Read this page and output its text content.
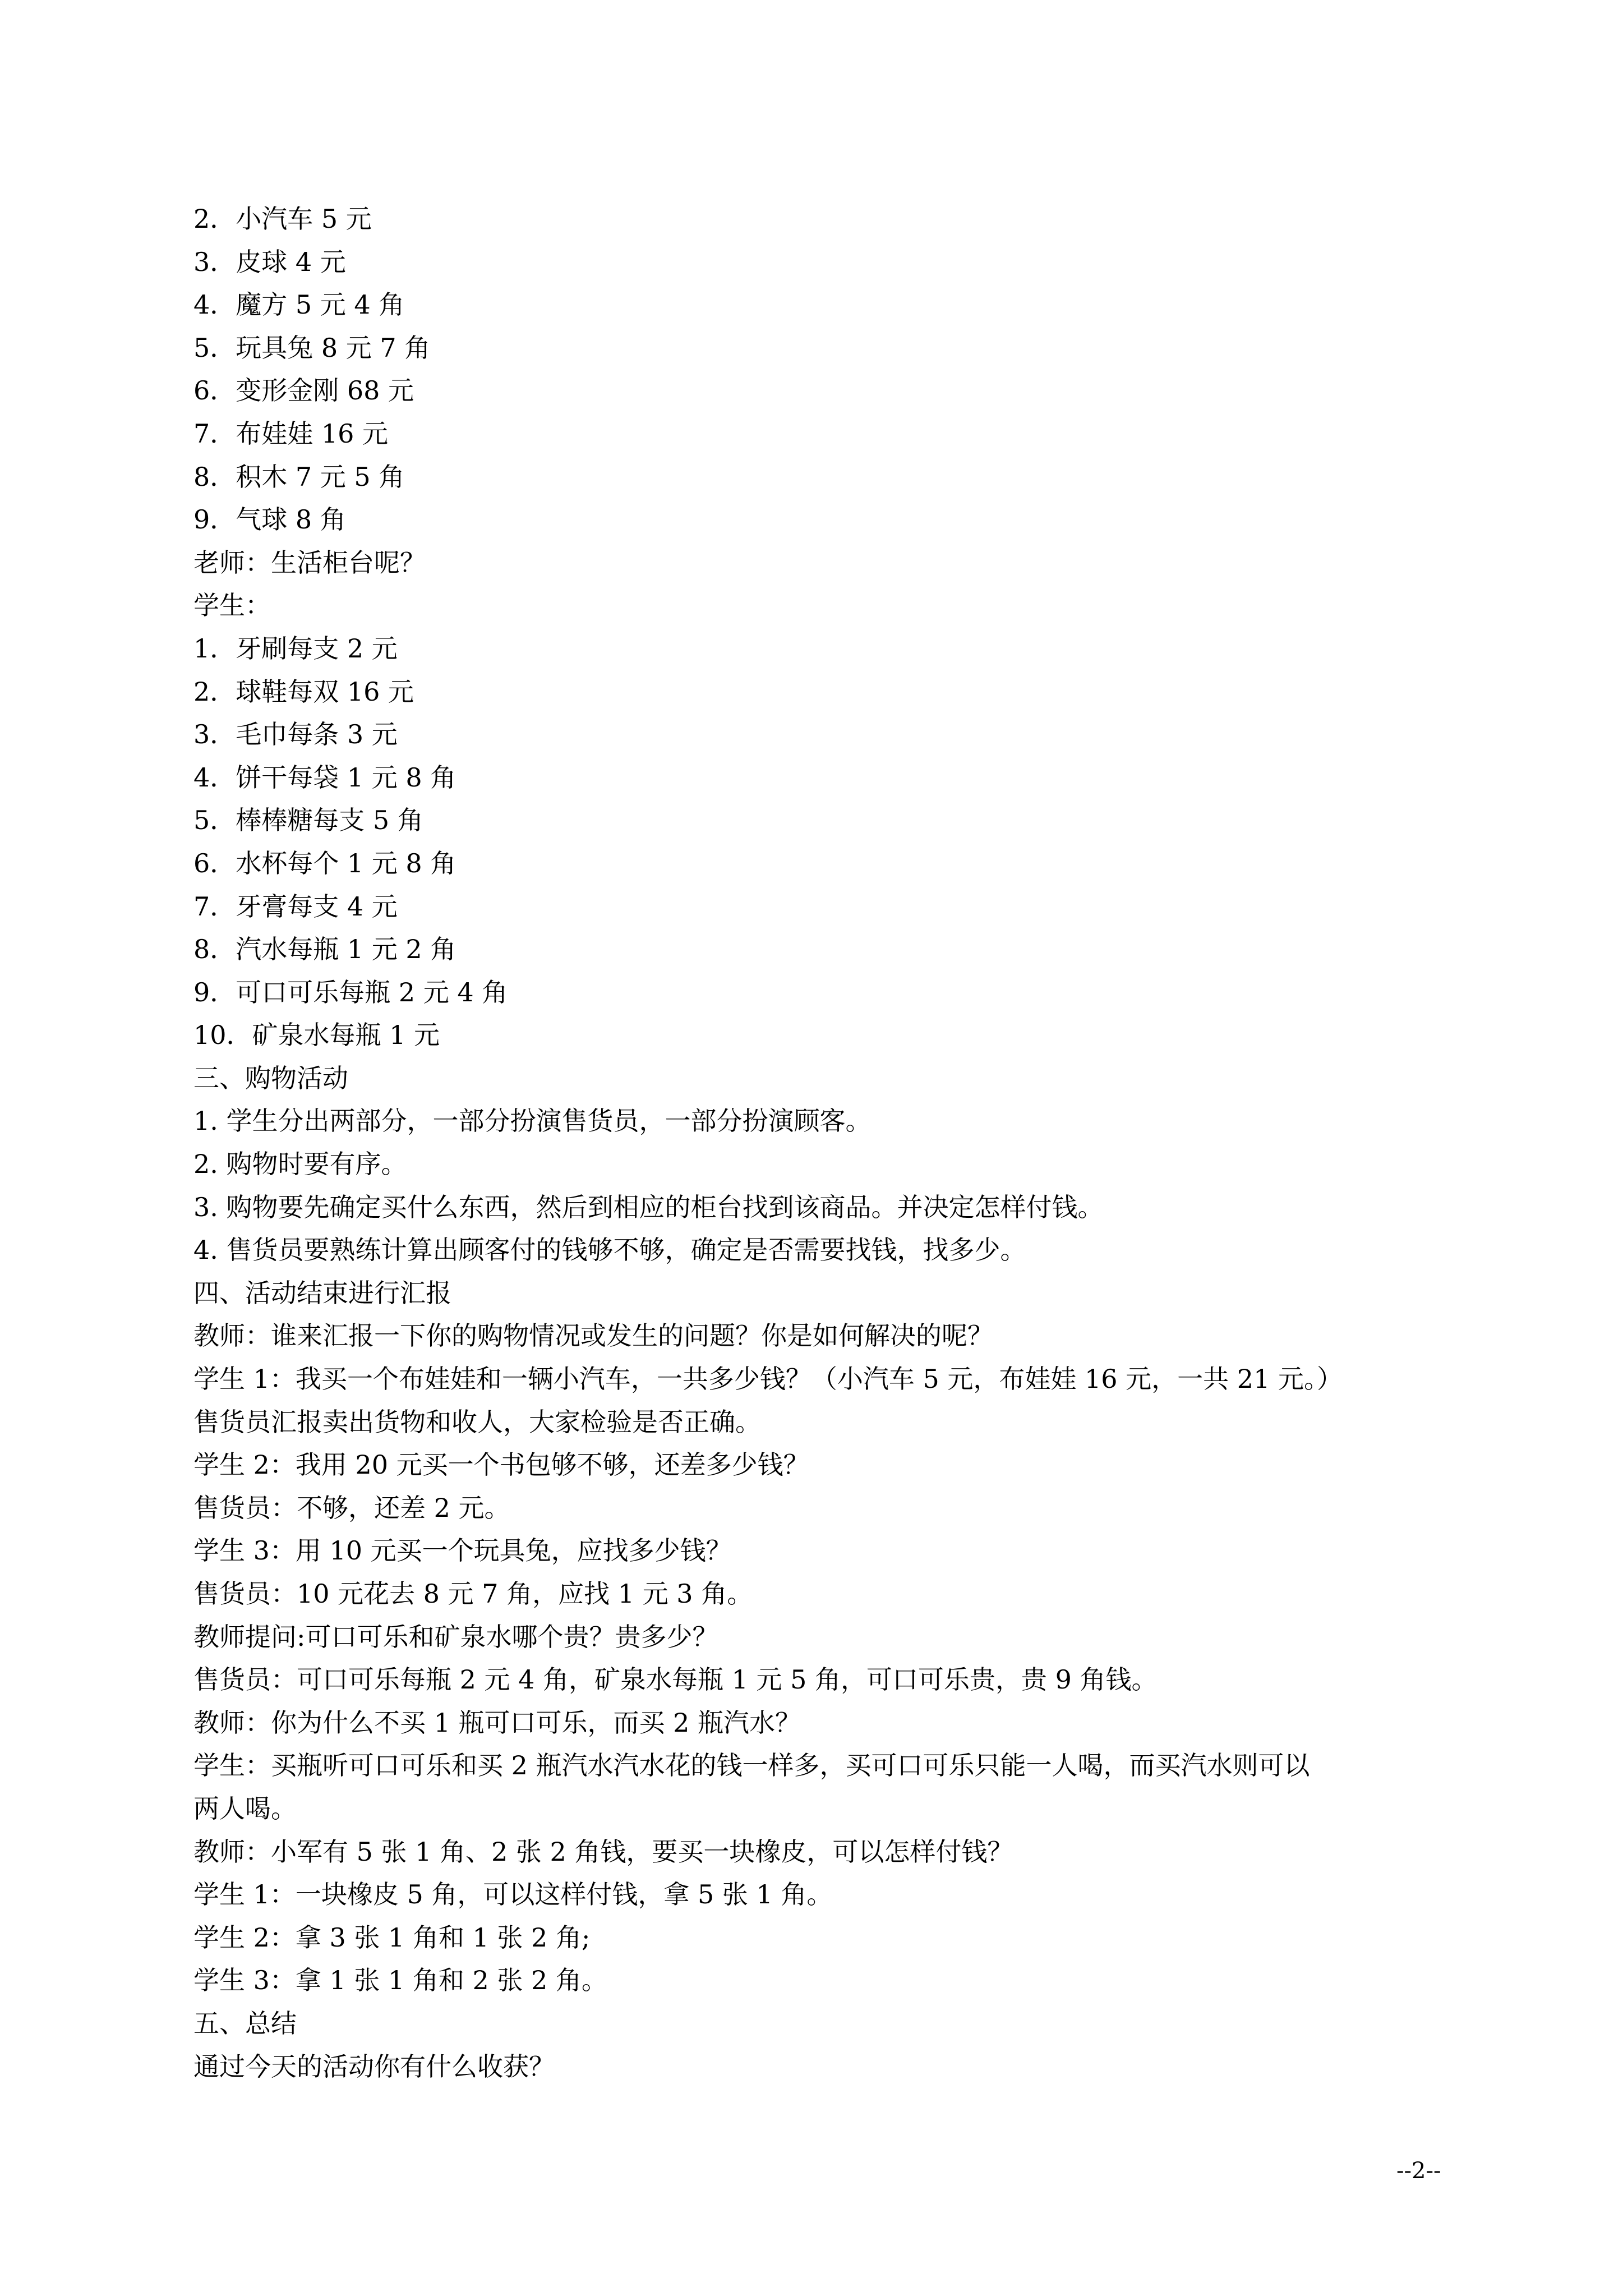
2．小汽车 5 元

3．皮球 4 元

4．魔方 5 元 4 角

5．玩具兔 8 元 7 角

6．变形金刚 68 元

7．布娃娃 16 元

8．积木 7 元 5 角

9．气球 8 角

老师：生活柜台呢？

学生：

1．牙刷每支 2 元

2．球鞋每双 16 元

3．毛巾每条 3 元

4．饼干每袋 1 元 8 角

5．棒棒糖每支 5 角

6．水杯每个 1 元 8 角

7．牙膏每支 4 元

8．汽水每瓶 1 元 2 角

9．可口可乐每瓶 2 元 4 角

10．矿泉水每瓶 1 元

三、购物活动

1. 学生分出两部分，一部分扮演售货员，一部分扮演顾客。

2. 购物时要有序。

3. 购物要先确定买什么东西，然后到相应的柜台找到该商品。并决定怎样付钱。

4. 售货员要熟练计算出顾客付的钱够不够，确定是否需要找钱，找多少。

四、活动结束进行汇报

教师：谁来汇报一下你的购物情况或发生的问题？你是如何解决的呢？

学生 1：我买一个布娃娃和一辆小汽车，一共多少钱？（小汽车 5 元，布娃娃 16 元，一共 21 元。）

售货员汇报卖出货物和收人，大家检验是否正确。

学生 2：我用 20 元买一个书包够不够，还差多少钱？

售货员：不够，还差 2 元。

学生 3：用 10 元买一个玩具兔，应找多少钱？

售货员：10 元花去 8 元 7 角，应找 1 元 3 角。

教师提问:可口可乐和矿泉水哪个贵？贵多少？

售货员：可口可乐每瓶 2 元 4 角，矿泉水每瓶 1 元 5 角，可口可乐贵，贵 9 角钱。

教师：你为什么不买 1 瓶可口可乐，而买 2 瓶汽水？

学生：买瓶听可口可乐和买 2 瓶汽水汽水花的钱一样多，买可口可乐只能一人喝，而买汽水则可以

两人喝。

教师：小军有 5 张 1 角、2 张 2 角钱，要买一块橡皮，可以怎样付钱？

学生 1：一块橡皮 5 角，可以这样付钱，拿 5 张 1 角。

学生 2：拿 3 张 1 角和 1 张 2 角;

学生 3：拿 1 张 1 角和 2 张 2 角。

五、总结

通过今天的活动你有什么收获？

--2--
